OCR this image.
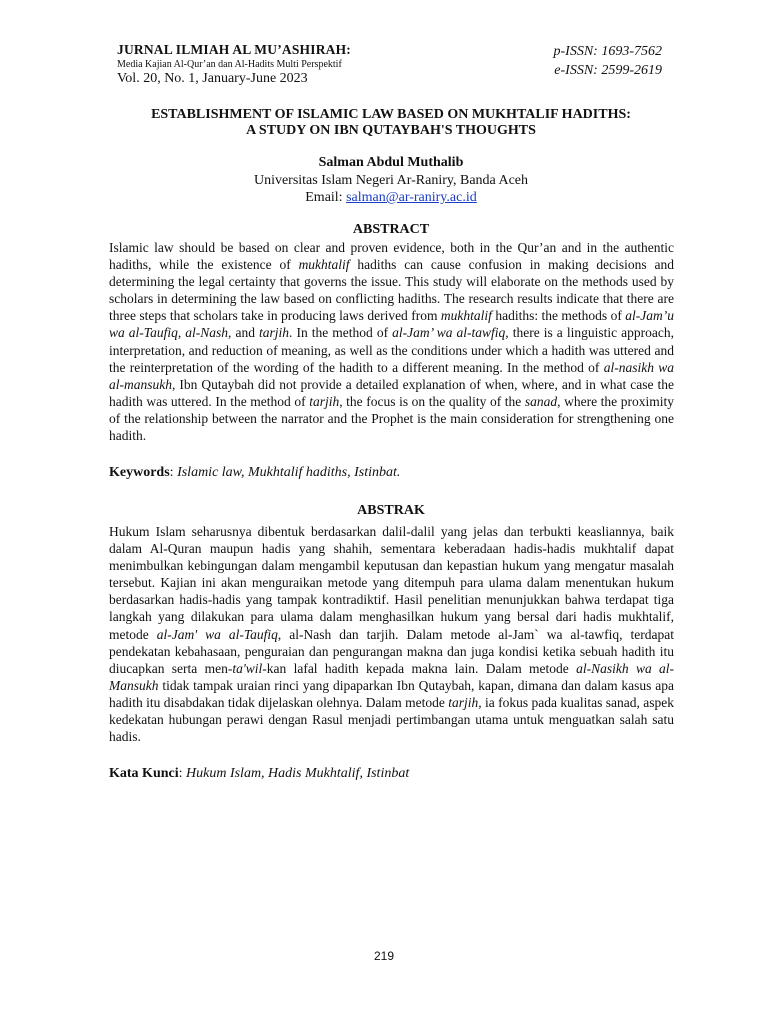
JURNAL ILMIAH AL MU’ASHIRAH:
Media Kajian Al-Qur’an dan Al-Hadits Multi Perspektif
Vol. 20, No. 1, January-June 2023
p-ISSN: 1693-7562
e-ISSN: 2599-2619
ESTABLISHMENT OF ISLAMIC LAW BASED ON MUKHTALIF HADITHS:
A STUDY ON IBN QUTAYBAH'S THOUGHTS
Salman Abdul Muthalib
Universitas Islam Negeri Ar-Raniry, Banda Aceh
Email: salman@ar-raniry.ac.id
ABSTRACT
Islamic law should be based on clear and proven evidence, both in the Qur’an and in the authentic hadiths, while the existence of mukhtalif hadiths can cause confusion in making decisions and determining the legal certainty that governs the issue. This study will elaborate on the methods used by scholars in determining the law based on conflicting hadiths. The research results indicate that there are three steps that scholars take in producing laws derived from mukhtalif hadiths: the methods of al-Jam’u wa al-Taufiq, al-Nash, and tarjih. In the method of al-Jam’ wa al-tawfiq, there is a linguistic approach, interpretation, and reduction of meaning, as well as the conditions under which a hadith was uttered and the reinterpretation of the wording of the hadith to a different meaning. In the method of al-nasikh wa al-mansukh, Ibn Qutaybah did not provide a detailed explanation of when, where, and in what case the hadith was uttered. In the method of tarjih, the focus is on the quality of the sanad, where the proximity of the relationship between the narrator and the Prophet is the main consideration for strengthening one hadith.
Keywords: Islamic law, Mukhtalif hadiths, Istinbat.
ABSTRAK
Hukum Islam seharusnya dibentuk berdasarkan dalil-dalil yang jelas dan terbukti keasliannya, baik dalam Al-Quran maupun hadis yang shahih, sementara keberadaan hadis-hadis mukhtalif dapat menimbulkan kebingungan dalam mengambil keputusan dan kepastian hukum yang mengatur masalah tersebut. Kajian ini akan menguraikan metode yang ditempuh para ulama dalam menentukan hukum berdasarkan hadis-hadis yang tampak kontradiktif. Hasil penelitian menunjukkan bahwa terdapat tiga langkah yang dilakukan para ulama dalam menghasilkan hukum yang bersal dari hadis mukhtalif, metode al-Jam' wa al-Taufiq, al-Nash dan tarjih. Dalam metode al-Jam` wa al-tawfiq, terdapat pendekatan kebahasaan, penguraian dan pengurangan makna dan juga kondisi ketika sebuah hadith itu diucapkan serta men-ta'wil-kan lafal hadith kepada makna lain. Dalam metode al-Nasikh wa al-Mansukh tidak tampak uraian rinci yang dipaparkan Ibn Qutaybah, kapan, dimana dan dalam kasus apa hadith itu disabdakan tidak dijelaskan olehnya. Dalam metode tarjih, ia fokus pada kualitas sanad, aspek kedekatan hubungan perawi dengan Rasul menjadi pertimbangan utama untuk menguatkan salah satu hadis.
Kata Kunci: Hukum Islam, Hadis Mukhtalif, Istinbat
219
